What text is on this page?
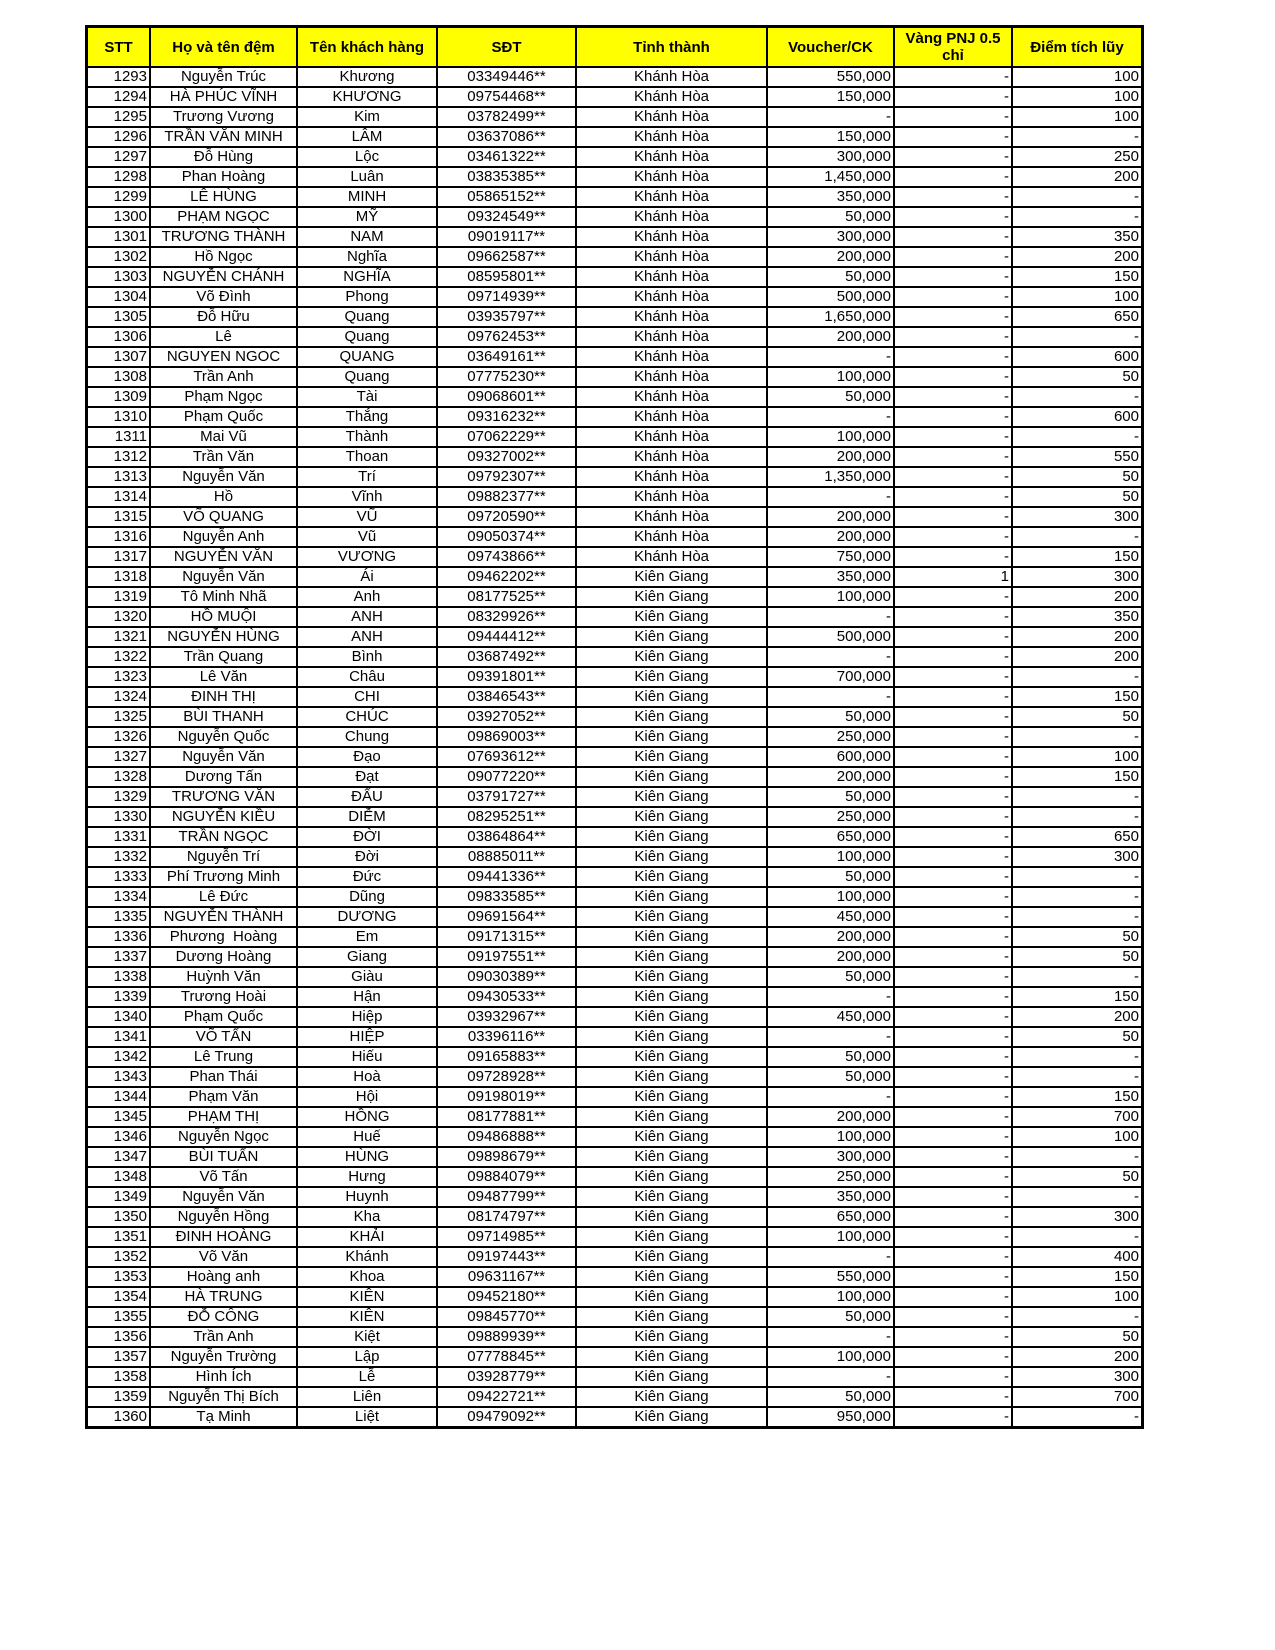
STT	Họ và tên đệm	Tên khách hàng	SĐT	Tỉnh thành	Voucher/CK	Vàng PNJ 0.5 chỉ	Điểm tích lũy
1293	Nguyễn Trúc	Khương	03349446**	Khánh Hòa	550,000	-	100
1294	HÀ PHÚC VĨNH	KHƯƠNG	09754468**	Khánh Hòa	150,000	-	100
1295	Trương Vương	Kim	03782499**	Khánh Hòa	-	-	100
1296	TRẦN VĂN MINH	LÂM	03637086**	Khánh Hòa	150,000	-	-
1297	Đỗ Hùng	Lộc	03461322**	Khánh Hòa	300,000	-	250
1298	Phan Hoàng	Luân	03835385**	Khánh Hòa	1,450,000	-	200
1299	LÊ HÙNG	MINH	05865152**	Khánh Hòa	350,000	-	-
1300	PHẠM NGỌC	MỸ	09324549**	Khánh Hòa	50,000	-	-
1301	TRƯƠNG THÀNH	NAM	09019117**	Khánh Hòa	300,000	-	350
1302	Hồ Ngọc	Nghĩa	09662587**	Khánh Hòa	200,000	-	200
1303	NGUYỄN CHÁNH	NGHĨA	08595801**	Khánh Hòa	50,000	-	150
1304	Võ Đình	Phong	09714939**	Khánh Hòa	500,000	-	100
1305	Đỗ Hữu	Quang	03935797**	Khánh Hòa	1,650,000	-	650
1306	Lê	Quang	09762453**	Khánh Hòa	200,000	-	-
1307	NGUYEN NGOC	QUANG	03649161**	Khánh Hòa	-	-	600
1308	Trần Anh	Quang	07775230**	Khánh Hòa	100,000	-	50
1309	Phạm Ngọc	Tài	09068601**	Khánh Hòa	50,000	-	-
1310	Phạm Quốc	Thắng	09316232**	Khánh Hòa	-	-	600
1311	Mai Vũ	Thành	07062229**	Khánh Hòa	100,000	-	-
1312	Trần Văn	Thoan	09327002**	Khánh Hòa	200,000	-	550
1313	Nguyễn Văn	Trí	09792307**	Khánh Hòa	1,350,000	-	50
1314	Hồ	Vĩnh	09882377**	Khánh Hòa	-	-	50
1315	VÕ QUANG	VŨ	09720590**	Khánh Hòa	200,000	-	300
1316	Nguyễn Anh	Vũ	09050374**	Khánh Hòa	200,000	-	-
1317	NGUYỄN VĂN	VƯƠNG	09743866**	Khánh Hòa	750,000	-	150
1318	Nguyễn Văn	Ái	09462202**	Kiên Giang	350,000	1	300
1319	Tô Minh Nhã	Anh	08177525**	Kiên Giang	100,000	-	200
1320	HỒ MUỘI	ANH	08329926**	Kiên Giang	-	-	350
1321	NGUYỄN HÙNG	ANH	09444412**	Kiên Giang	500,000	-	200
1322	Trần Quang	Bình	03687492**	Kiên Giang	-	-	200
1323	Lê Văn	Châu	09391801**	Kiên Giang	700,000	-	-
1324	ĐINH THỊ	CHI	03846543**	Kiên Giang	-	-	150
1325	BÙI THANH	CHÚC	03927052**	Kiên Giang	50,000	-	50
1326	Nguyễn Quốc	Chung	09869003**	Kiên Giang	250,000	-	-
1327	Nguyễn Văn	Đạo	07693612**	Kiên Giang	600,000	-	100
1328	Dương Tấn	Đạt	09077220**	Kiên Giang	200,000	-	150
1329	TRƯƠNG VĂN	ĐẤU	03791727**	Kiên Giang	50,000	-	-
1330	NGUYỄN KIỀU	DIỄM	08295251**	Kiên Giang	250,000	-	-
1331	TRẦN NGỌC	ĐỜI	03864864**	Kiên Giang	650,000	-	650
1332	Nguyễn Trí	Đời	08885011**	Kiên Giang	100,000	-	300
1333	Phí Trương Minh	Đức	09441336**	Kiên Giang	50,000	-	-
1334	Lê Đức	Dũng	09833585**	Kiên Giang	100,000	-	-
1335	NGUYỄN THÀNH	DƯƠNG	09691564**	Kiên Giang	450,000	-	-
1336	Phương  Hoàng	Em	09171315**	Kiên Giang	200,000	-	50
1337	Dương Hoàng	Giang	09197551**	Kiên Giang	200,000	-	50
1338	Huỳnh Văn	Giàu	09030389**	Kiên Giang	50,000	-	-
1339	Trương Hoài	Hận	09430533**	Kiên Giang	-	-	150
1340	Phạm Quốc	Hiệp	03932967**	Kiên Giang	450,000	-	200
1341	VÕ TẤN	HIỆP	03396116**	Kiên Giang	-	-	50
1342	Lê Trung	Hiếu	09165883**	Kiên Giang	50,000	-	-
1343	Phan Thái	Hoà	09728928**	Kiên Giang	50,000	-	-
1344	Phạm Văn	Hội	09198019**	Kiên Giang	-	-	150
1345	PHẠM THỊ	HỒNG	08177881**	Kiên Giang	200,000	-	700
1346	Nguyễn Ngọc	Huế	09486888**	Kiên Giang	100,000	-	100
1347	BÙI TUẤN	HÙNG	09898679**	Kiên Giang	300,000	-	-
1348	Võ Tấn	Hưng	09884079**	Kiên Giang	250,000	-	50
1349	Nguyễn Văn	Huynh	09487799**	Kiên Giang	350,000	-	-
1350	Nguyễn Hồng	Kha	08174797**	Kiên Giang	650,000	-	300
1351	ĐINH HOÀNG	KHẢI	09714985**	Kiên Giang	100,000	-	-
1352	Võ Văn	Khánh	09197443**	Kiên Giang	-	-	400
1353	Hoàng anh	Khoa	09631167**	Kiên Giang	550,000	-	150
1354	HÀ TRUNG	KIÊN	09452180**	Kiên Giang	100,000	-	100
1355	ĐỖ CÔNG	KIÊN	09845770**	Kiên Giang	50,000	-	-
1356	Trần Anh	Kiệt	09889939**	Kiên Giang	-	-	50
1357	Nguyễn Trường	Lập	07778845**	Kiên Giang	100,000	-	200
1358	Hình Ích	Lễ	03928779**	Kiên Giang	-	-	300
1359	Nguyễn Thị Bích	Liên	09422721**	Kiên Giang	50,000	-	700
1360	Tạ Minh	Liệt	09479092**	Kiên Giang	950,000	-	-
